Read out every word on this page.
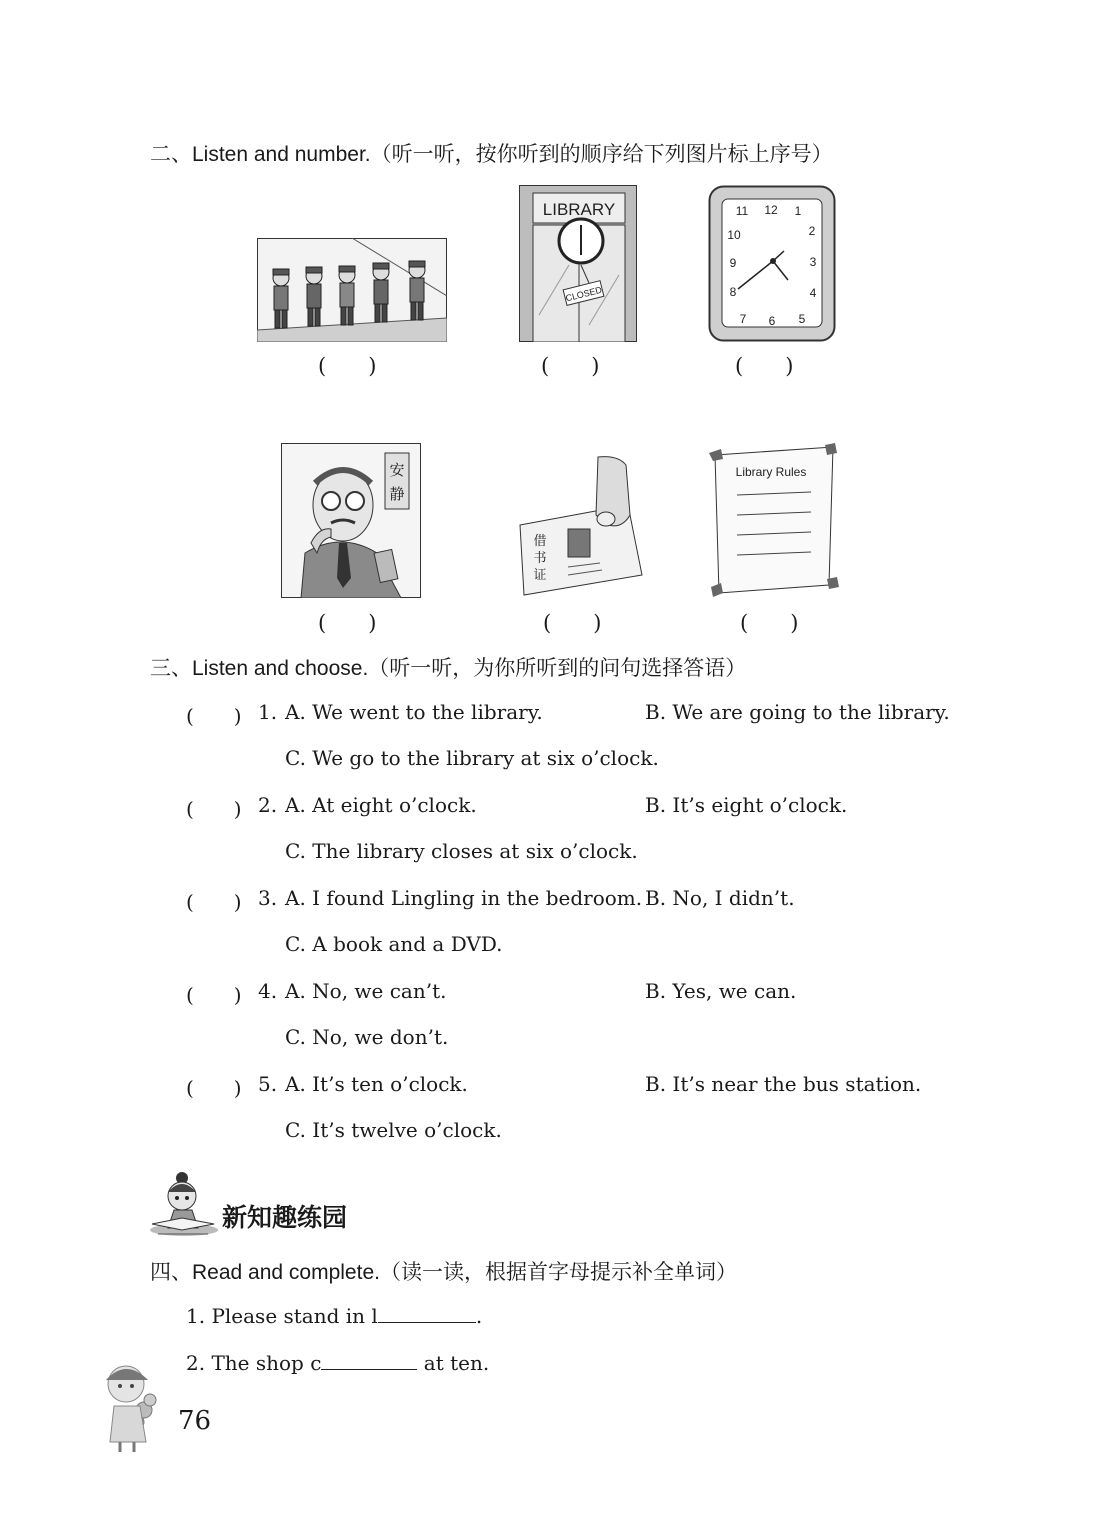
二、Listen and number.（听一听，按你听到的顺序给下列图片标上序号）
(　　)
LIBRARY
CLOSED
(　　)
11 12 1
10	2
9	3
8	4
7 6 5
(　　)
安
静
(　　)
借
书
证
(　　)
Library Rules
(　　)
三、Listen and choose.（听一听，为你所听到的问句选择答语）
(　　) 1. A. We went to the library.	B. We are going to the library.
C. We go to the library at six o’clock.
(　　) 2. A. At eight o’clock.	B. It’s eight o’clock.
C. The library closes at six o’clock.
(　　) 3. A. I found Lingling in the bedroom. B. No, I didn’t.
C. A book and a DVD.
(　　) 4. A. No, we can’t.	B. Yes, we can.
C. No, we don’t.
(　　) 5. A. It’s ten o’clock.	B. It’s near the bus station.
C. It’s twelve o’clock.
新知趣练园
四、Read and complete.（读一读，根据首字母提示补全单词）
1. Please stand in l	.
2. The shop c	at ten.
76
